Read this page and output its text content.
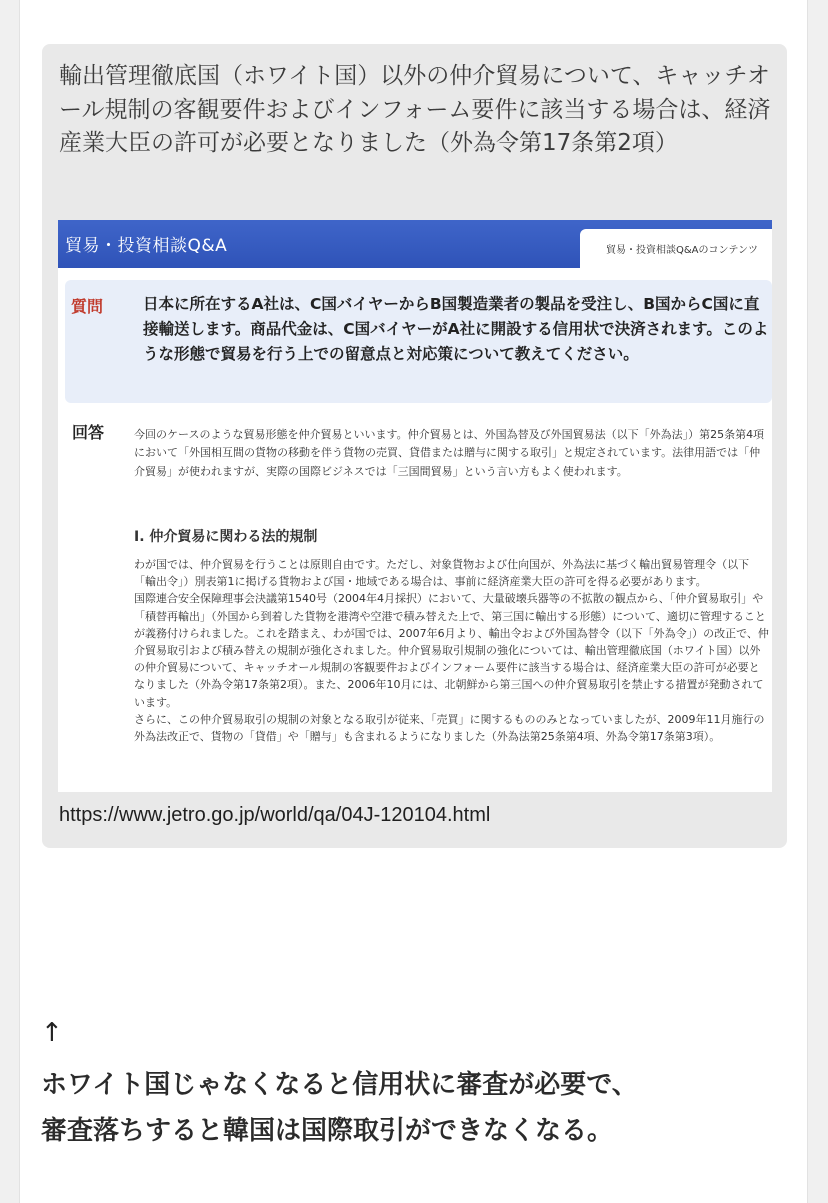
輸出管理徹底国（ホワイト国）以外の仲介貿易について、キャッチオール規制の客観要件およびインフォーム要件に該当する場合は、経済産業大臣の許可が必要となりました（外為令第17条第2項）

貿易・投資相談Q&A	貿易・投資相談Q&Aのコンテンツ
質問	日本に所在するA社は、C国バイヤーからB国製造業者の製品を受注し、B国からC国に直接輸送します。商品代金は、C国バイヤーがA社に開設する信用状で決済されます。このような形態で貿易を行う上での留意点と対応策について教えてください。

回答	今回のケースのような貿易形態を仲介貿易といいます。仲介貿易とは、外国為替及び外国貿易法（以下「外為法」）第25条第4項において「外国相互間の貨物の移動を伴う貨物の売買、貸借または贈与に関する取引」と規定されています。法律用語では「仲介貿易」が使われますが、実際の国際ビジネスでは「三国間貿易」という言い方もよく使われます。

I. 仲介貿易に関わる法的規制

わが国では、仲介貿易を行うことは原則自由です。ただし、対象貨物および仕向国が、外為法に基づく輸出貿易管理令（以下「輸出令」）別表第1に掲げる貨物および国・地域である場合は、事前に経済産業大臣の許可を得る必要があります。
国際連合安全保障理事会決議第1540号（2004年4月採択）において、大量破壊兵器等の不拡散の観点から、「仲介貿易取引」や「積替再輸出」（外国から到着した貨物を港湾や空港で積み替えた上で、第三国に輸出する形態）について、適切に管理することが義務付けられました。これを踏まえ、わが国では、2007年6月より、輸出令および外国為替令（以下「外為令」）の改正で、仲介貿易取引および積み替えの規制が強化されました。仲介貿易取引規制の強化については、輸出管理徹底国（ホワイト国）以外の仲介貿易について、キャッチオール規制の客観要件およびインフォーム要件に該当する場合は、経済産業大臣の許可が必要となりました（外為令第17条第2項）。また、2006年10月には、北朝鮮から第三国への仲介貿易取引を禁止する措置が発動されています。
さらに、この仲介貿易取引の規制の対象となる取引が従来、「売買」に関するもののみとなっていましたが、2009年11月施行の外為法改正で、貨物の「貸借」や「贈与」も含まれるようになりました（外為法第25条第4項、外為令第17条第3項）。

https://www.jetro.go.jp/world/qa/04J-120104.html
↑

ホワイト国じゃなくなると信用状に審査が必要で、
審査落ちすると韓国は国際取引ができなくなる。
